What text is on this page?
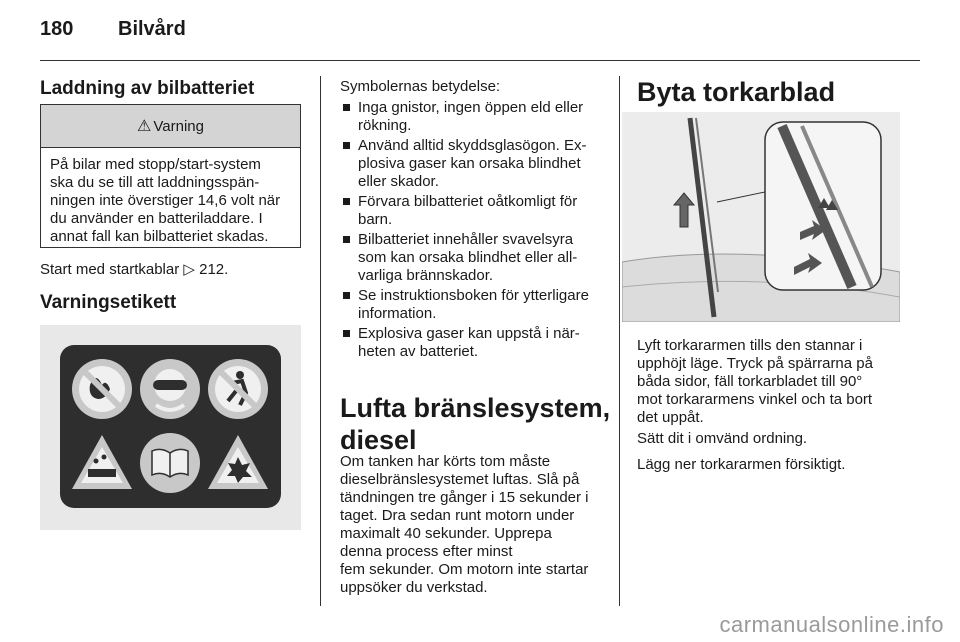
180 Bilvård
Laddning av bilbatteriet
⚠ Varning
På bilar med stopp/start-system
ska du se till att laddningsspän-
ningen inte överstiger 14,6 volt när
du använder en batteriladdare. I
annat fall kan bilbatteriet skadas.
Start med startkablar ▷ 212.
Varningsetikett
Symbolernas betydelse:
Inga gnistor, ingen öppen eld eller
rökning.
Använd alltid skyddsglasögon. Ex-
plosiva gaser kan orsaka blindhet
eller skador.
Förvara bilbatteriet oåtkomligt för
barn.
Bilbatteriet innehåller svavelsyra
som kan orsaka blindhet eller all-
varliga brännskador.
Se instruktionsboken för ytterligare
information.
Explosiva gaser kan uppstå i när-
heten av batteriet.
Lufta bränslesystem,
diesel
Om tanken har körts tom måste
dieselbränslesystemet luftas. Slå på
tändningen tre gånger i 15 sekunder i
taget. Dra sedan runt motorn under
maximalt 40 sekunder. Upprepa
denna process efter minst
fem sekunder. Om motorn inte startar
uppsöker du verkstad.
Byta torkarblad
Lyft torkararmen tills den stannar i
upphöjt läge. Tryck på spärrarna på
båda sidor, fäll torkarbladet till 90°
mot torkararmens vinkel och ta bort
det uppåt.
Sätt dit i omvänd ordning.
Lägg ner torkararmen försiktigt.
carmanualsonline.info
